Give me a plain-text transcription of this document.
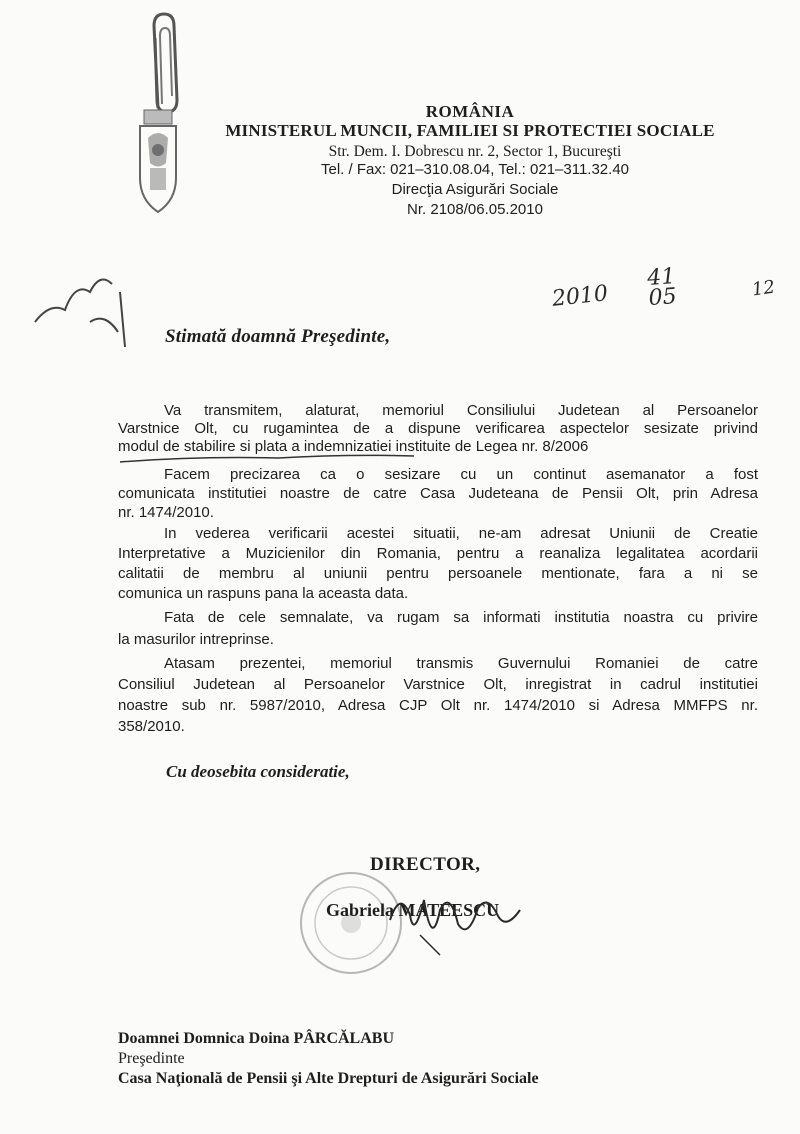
ROMÂNIA
MINISTERUL MUNCII, FAMILIEI SI PROTECTIEI SOCIALE
Str. Dem. I. Dobrescu nr. 2, Sector 1, Bucureşti
Tel. / Fax: 021–310.08.04, Tel.: 021–311.32.40
Direcţia Asigurări Sociale
Nr. 2108/06.05.2010
2010
41
05	12
Stimată doamnă Preşedinte,
Va transmitem, alaturat, memoriul Consiliului Judetean al Persoanelor
Varstnice Olt, cu rugamintea de a dispune verificarea aspectelor sesizate privind
modul de stabilire si plata a indemnizatiei instituite de Legea nr. 8/2006
Facem precizarea ca o sesizare cu un continut asemanator a fost
comunicata institutiei noastre de catre Casa Judeteana de Pensii Olt, prin Adresa
nr. 1474/2010.
In vederea verificarii acestei situatii, ne-am adresat Uniunii de Creatie
Interpretative a Muzicienilor din Romania, pentru a reanaliza legalitatea acordarii
calitatii de membru al uniunii pentru persoanele mentionate, fara a ni se
comunica un raspuns pana la aceasta data.
Fata de cele semnalate, va rugam sa informati institutia noastra cu privire
la masurilor intreprinse.
Atasam prezentei, memoriul transmis Guvernului Romaniei de catre
Consiliul Judetean al Persoanelor Varstnice Olt, inregistrat in cadrul institutiei
noastre sub nr. 5987/2010, Adresa CJP Olt nr. 1474/2010 si Adresa MMFPS nr.
358/2010.
Cu deosebita consideratie,
DIRECTOR,
Gabriela MATEESCU
Doamnei Domnica Doina PÂRCĂLABU
Preşedinte
Casa Naţională de Pensii şi Alte Drepturi de Asigurări Sociale
